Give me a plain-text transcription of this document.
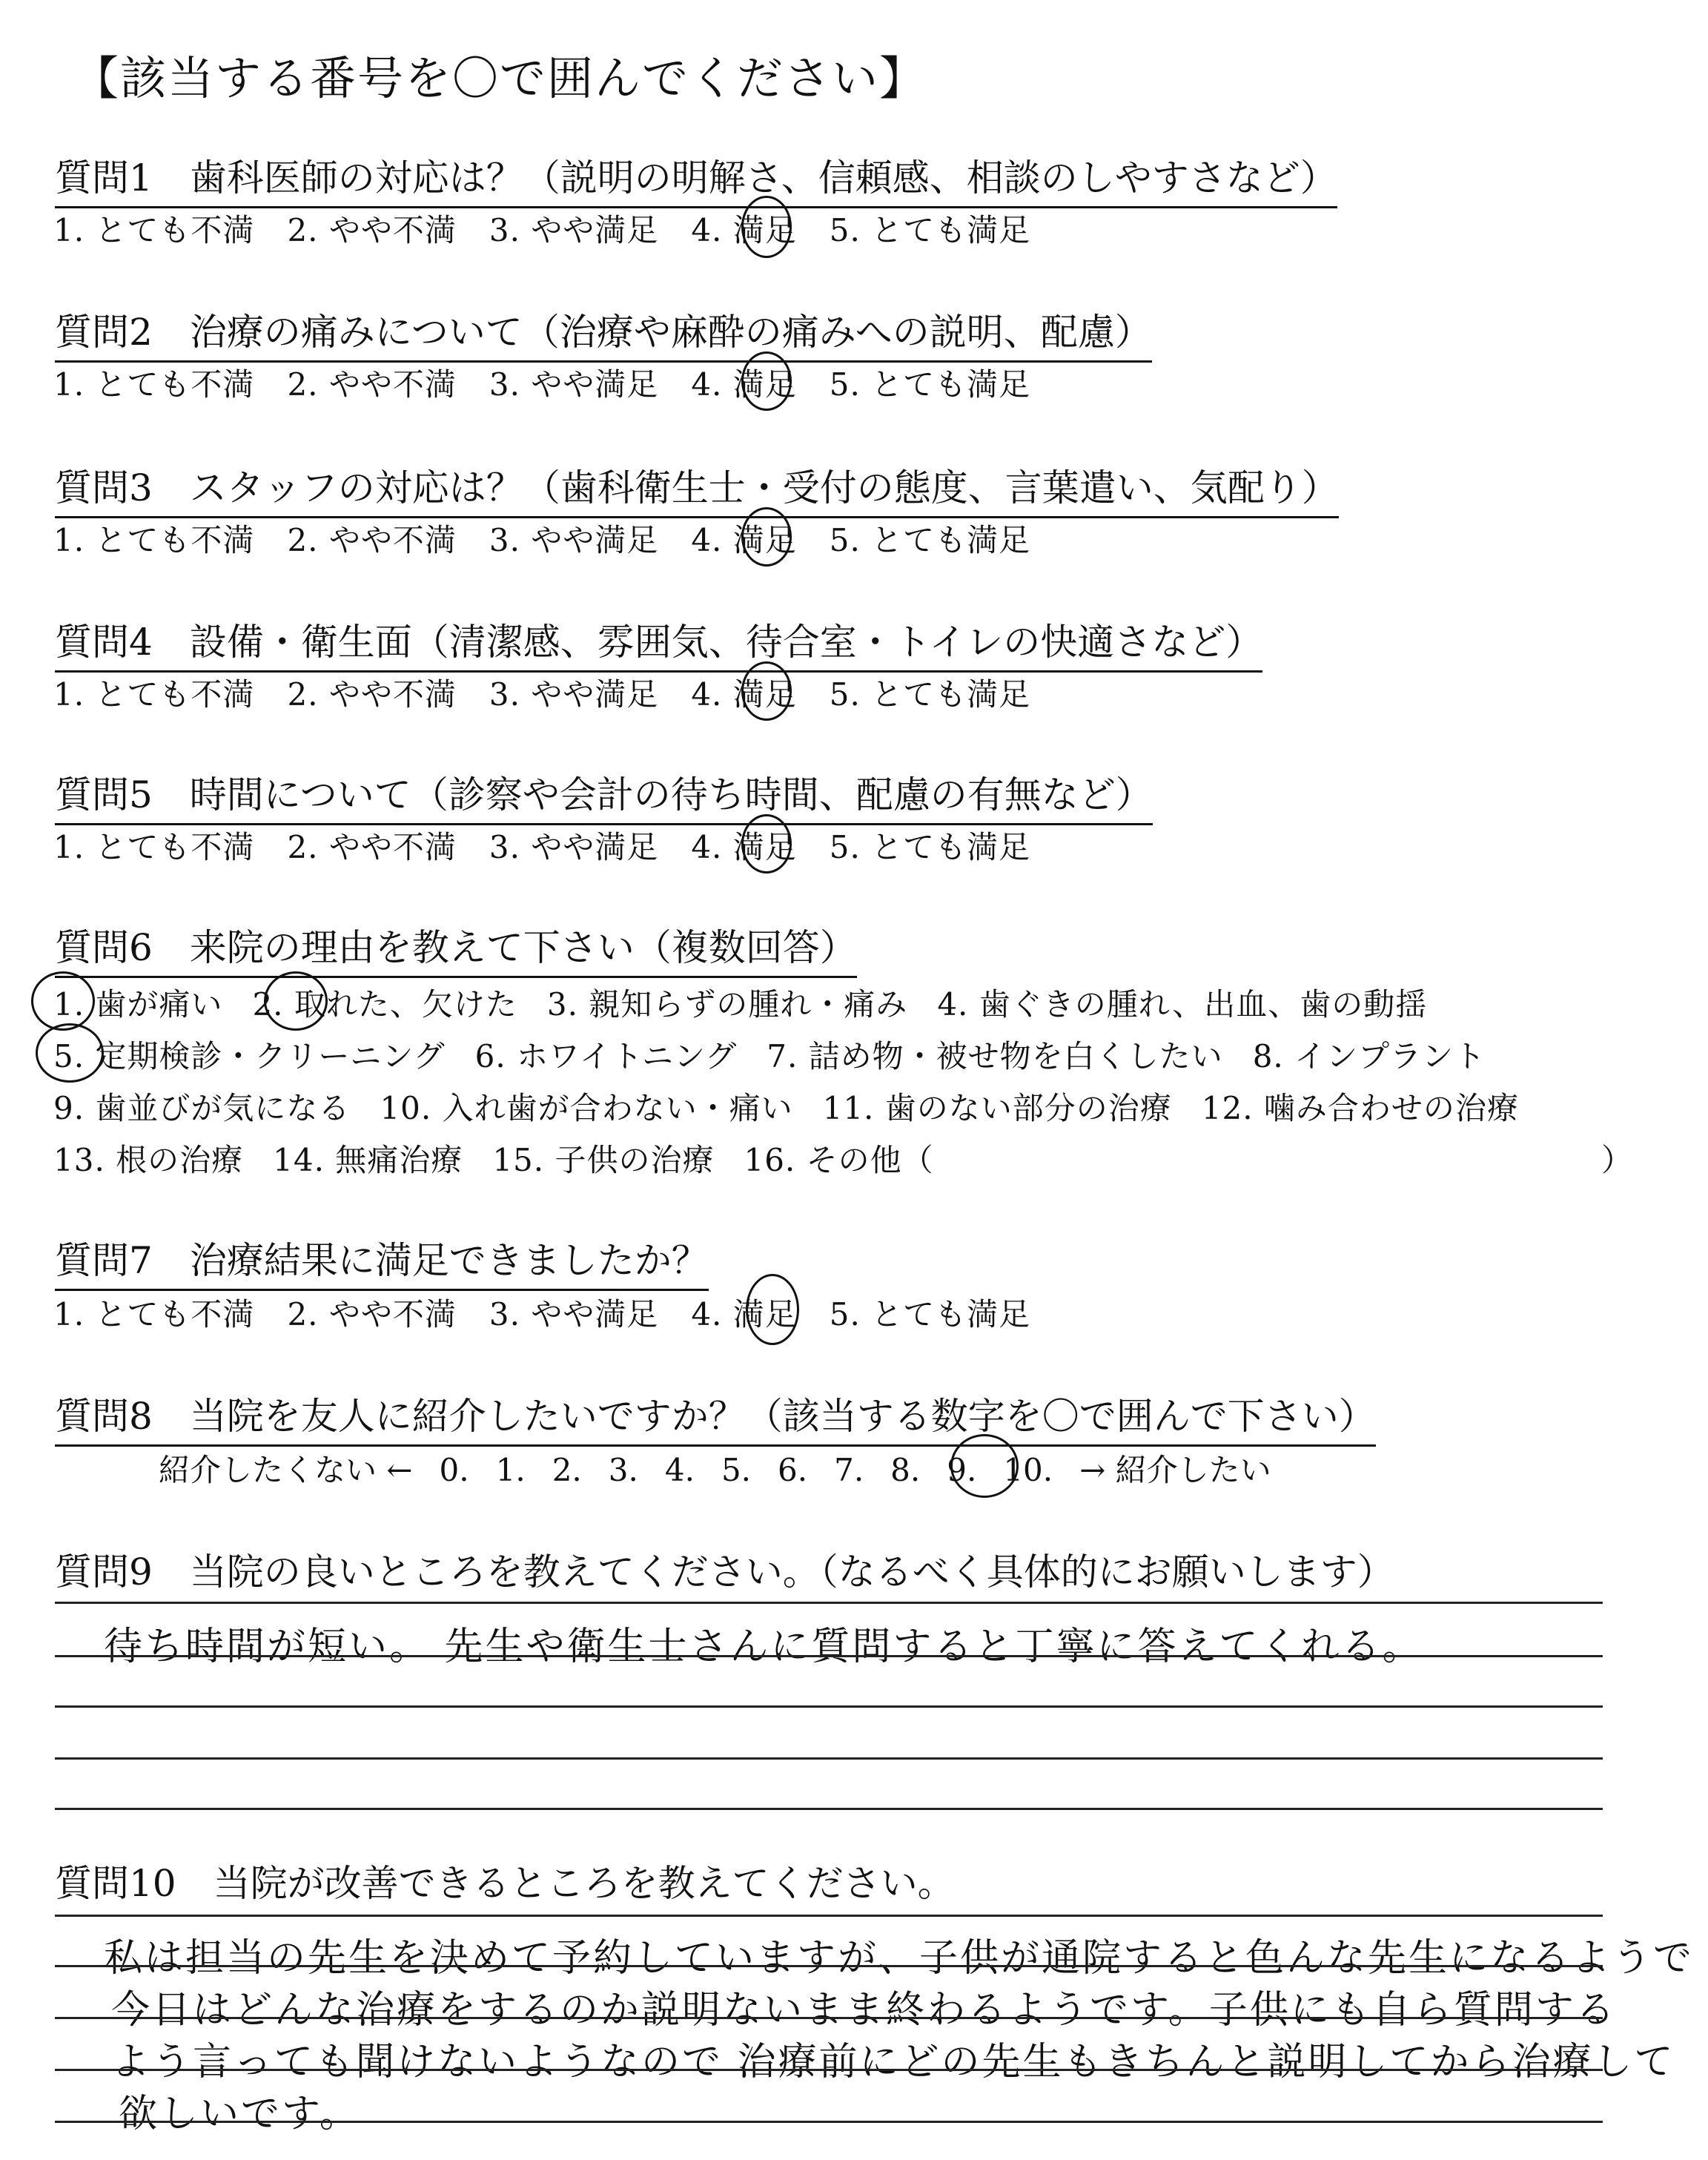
【該当する番号を〇で囲んでください】
質問1　歯科医師の対応は？（説明の明解さ、信頼感、相談のしやすさなど）
1. とても不満 2. やや不満 3. やや満足 4. 満足 5. とても満足
質問2　治療の痛みについて（治療や麻酔の痛みへの説明、配慮）
1. とても不満 2. やや不満 3. やや満足 4. 満足 5. とても満足
質問3　スタッフの対応は？（歯科衛生士・受付の態度、言葉遣い、気配り）
1. とても不満 2. やや不満 3. やや満足 4. 満足 5. とても満足
質問4　設備・衛生面（清潔感、雰囲気、待合室・トイレの快適さなど）
1. とても不満 2. やや不満 3. やや満足 4. 満足 5. とても満足
質問5　時間について（診察や会計の待ち時間、配慮の有無など）
1. とても不満 2. やや不満 3. やや満足 4. 満足 5. とても満足
質問6　来院の理由を教えて下さい（複数回答）
1. 歯が痛い 2. 取れた、欠けた 3. 親知らずの腫れ・痛み 4. 歯ぐきの腫れ、出血、歯の動揺
5. 定期検診・クリーニング 6. ホワイトニング 7. 詰め物・被せ物を白くしたい 8. インプラント
9. 歯並びが気になる 10. 入れ歯が合わない・痛い 11. 歯のない部分の治療 12. 噛み合わせの治療
13. 根の治療 14. 無痛治療 15. 子供の治療 16. その他（	）
質問7　治療結果に満足できましたか？
1. とても不満 2. やや不満 3. やや満足 4. 満足 5. とても満足
質問8　当院を友人に紹介したいですか？（該当する数字を〇で囲んで下さい）
紹介したくない ← 0. 1. 2. 3. 4. 5. 6. 7. 8. 9. 10. → 紹介したい
質問9　当院の良いところを教えてください。（なるべく具体的にお願いします）
待ち時間が短い。 先生や衛生士さんに質問すると丁寧に答えてくれる。
質問10　当院が改善できるところを教えてください。
私は担当の先生を決めて予約していますが、子供が通院すると色んな先生になるようで
今日はどんな治療をするのか説明ないまま終わるようです。子供にも自ら質問する
よう言っても聞けないようなので 治療前にどの先生もきちんと説明してから治療して
欲しいです。
